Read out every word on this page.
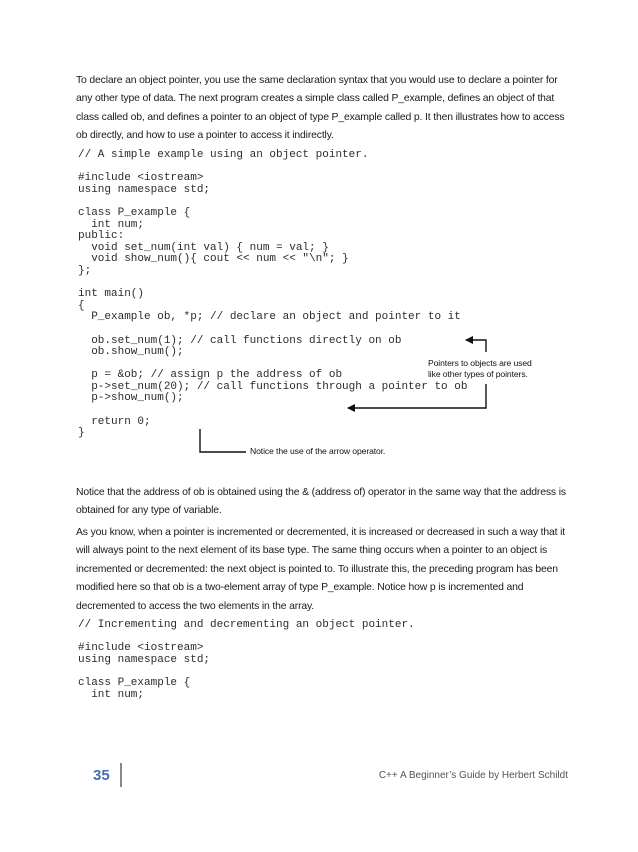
To declare an object pointer, you use the same declaration syntax that you would use to declare a pointer for any other type of data. The next program creates a simple class called P_example, defines an object of that class called ob, and defines a pointer to an object of type P_example called p. It then illustrates how to access ob directly, and how to use a pointer to access it indirectly.
// A simple example using an object pointer.
#include <iostream>
using namespace std;
class P_example {
int num;
public:
void set_num(int val) { num = val; }
void show_num(){ cout << num << "\n"; }
};
int main()
{
P_example ob, *p; // declare an object and pointer to it
ob.set_num(1); // call functions directly on ob
ob.show_num();
p = &ob; // assign p the address of ob
p->set_num(20); // call functions through a pointer to ob
p->show_num();
return 0;
}
Pointers to objects are used
like other types of pointers.
Notice the use of the arrow operator.
Notice that the address of ob is obtained using the & (address of) operator in the same way that the address is obtained for any type of variable.
As you know, when a pointer is incremented or decremented, it is increased or decreased in such a way that it will always point to the next element of its base type. The same thing occurs when a pointer to an object is incremented or decremented: the next object is pointed to. To illustrate this, the preceding program has been modified here so that ob is a two-element array of type P_example. Notice how p is incremented and decremented to access the two elements in the array.
// Incrementing and decrementing an object pointer.
#include <iostream>
using namespace std;
class P_example {
int num;
35	C++ A Beginner’s Guide by Herbert Schildt
